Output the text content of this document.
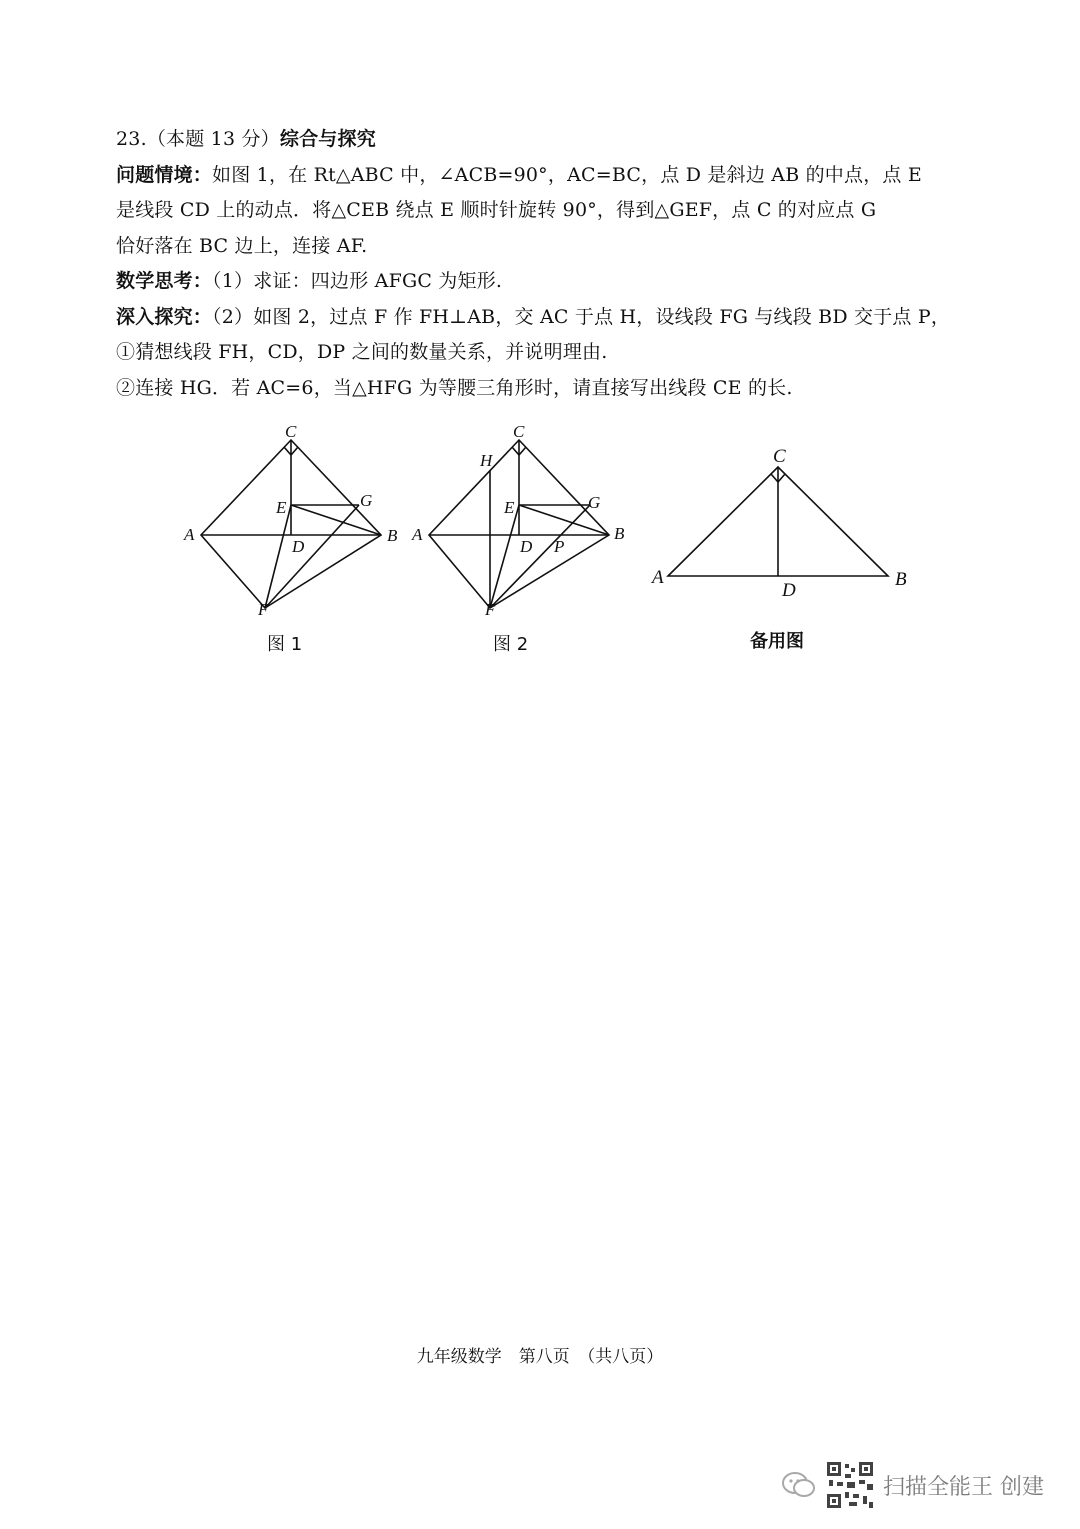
23.（本题 13 分）综合与探究
问题情境：如图 1，在 Rt△ABC 中，∠ACB=90°，AC=BC，点 D 是斜边 AB 的中点，点 E
是线段 CD 上的动点．将△CEB 绕点 E 顺时针旋转 90°，得到△GEF，点 C 的对应点 G
恰好落在 BC 边上，连接 AF.
数学思考：（1）求证：四边形 AFGC 为矩形.
深入探究：（2）如图 2，过点 F 作 FH⊥AB，交 AC 于点 H，设线段 FG 与线段 BD 交于点 P，
①猜想线段 FH，CD，DP 之间的数量关系，并说明理由.
②连接 HG．若 AC=6，当△HFG 为等腰三角形时，请直接写出线段 CE 的长.
C
E	G
A
D
B
F
图 1
C
H
E	G
A
D P
B
F
图 2
C
A
D
B
备用图
九年级数学　第八页　（共八页）
扫描全能王 创建
